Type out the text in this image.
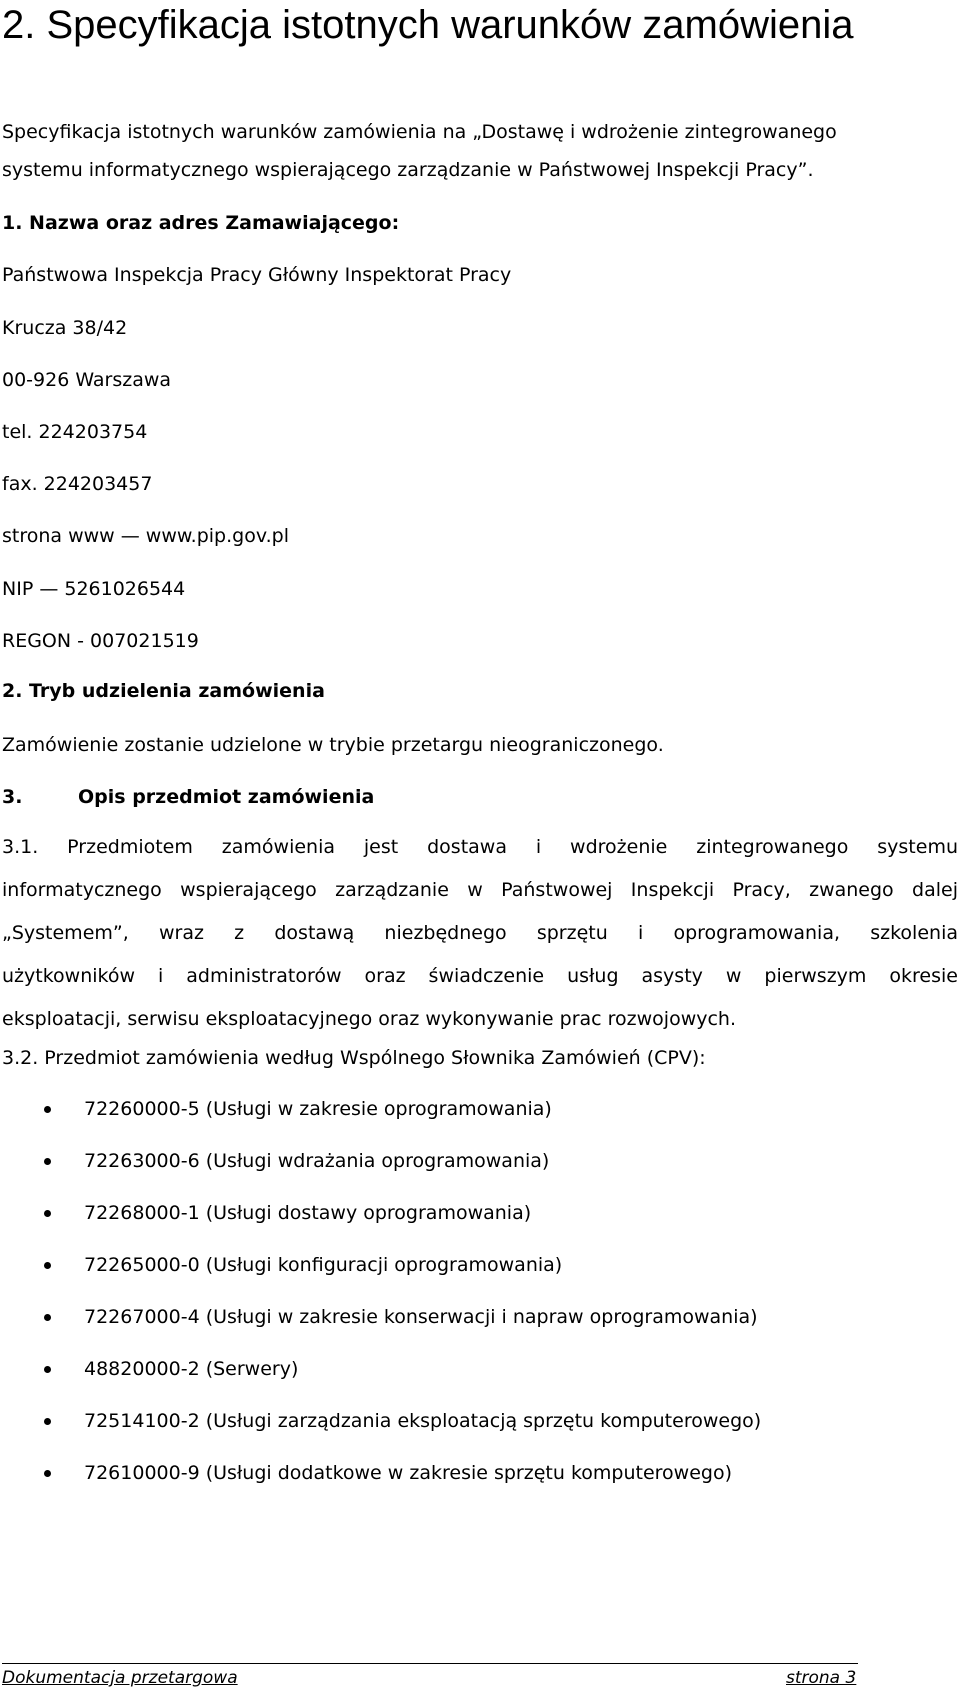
2. Specyfikacja istotnych warunków zamówienia

Specyfikacja istotnych warunków zamówienia na „Dostawę i wdrożenie zintegrowanego

systemu informatycznego wspierającego zarządzanie w Państwowej Inspekcji Pracy”.

1. Nazwa oraz adres Zamawiającego:

Państwowa Inspekcja Pracy Główny Inspektorat Pracy

Krucza 38/42

00-926 Warszawa

tel. 224203754

fax. 224203457

strona www — www.pip.gov.pl

NIP — 5261026544

REGON - 007021519

2. Tryb udzielenia zamówienia

Zamówienie zostanie udzielone w trybie przetargu nieograniczonego.

3.	Opis przedmiot zamówienia

3.1. Przedmiotem zamówienia jest dostawa i wdrożenie zintegrowanego systemu
informatycznego wspierającego zarządzanie w Państwowej Inspekcji Pracy, zwanego dalej
„Systemem”, wraz z dostawą niezbędnego sprzętu i oprogramowania, szkolenia
użytkowników i administratorów oraz świadczenie usług asysty w pierwszym okresie
eksploatacji, serwisu eksploatacyjnego oraz wykonywanie prac rozwojowych.

3.2. Przedmiot zamówienia według Wspólnego Słownika Zamówień (CPV):

72260000-5 (Usługi w zakresie oprogramowania)
72263000-6 (Usługi wdrażania oprogramowania)
72268000-1 (Usługi dostawy oprogramowania)
72265000-0 (Usługi konfiguracji oprogramowania)
72267000-4 (Usługi w zakresie konserwacji i napraw oprogramowania)
48820000-2 (Serwery)
72514100-2 (Usługi zarządzania eksploatacją sprzętu komputerowego)
72610000-9 (Usługi dodatkowe w zakresie sprzętu komputerowego)
Dokumentacja przetargowa	strona 3
